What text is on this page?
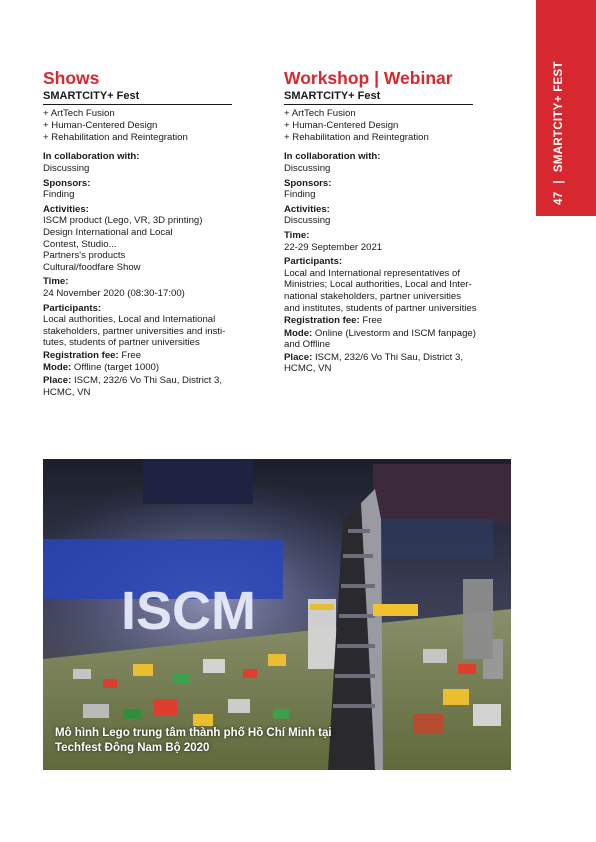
47|SMARTCITY+ FEST
Shows
SMARTCITY+ Fest
+ ArtTech Fusion
+ Human-Centered Design
+ Rehabilitation and Reintegration
In collaboration with:
Discussing
Sponsors:
Finding
Activities:
ISCM product (Lego, VR, 3D printing)
Design International and Local
Contest, Studio...
Partners's products
Cultural/foodfare Show
Time:
24 November 2020 (08:30-17:00)
Participants:
Local authorities, Local and International
stakeholders, partner universities and insti-
tutes, students of partner universities
Registration fee: Free
Mode: Offline (target 1000)
Place: ISCM, 232/6 Vo Thi Sau, District 3,
HCMC, VN
Workshop | Webinar
SMARTCITY+ Fest
+ ArtTech Fusion
+ Human-Centered Design
+ Rehabilitation and Reintegration
In collaboration with:
Discussing
Sponsors:
Finding
Activities:
Discussing
Time:
22-29 September 2021
Participants:
Local and International representatives of
Ministries; Local authorities, Local and Inter-
national stakeholders, partner universities
and institutes, students of partner universities
Registration fee: Free
Mode: Online (Livestorm and ISCM fanpage)
and Offline
Place: ISCM, 232/6 Vo Thi Sau, District 3,
HCMC, VN
ISCM
Mô hình Lego trung tâm thành phố Hồ Chí Minh tại
Techfest Đông Nam Bộ 2020
